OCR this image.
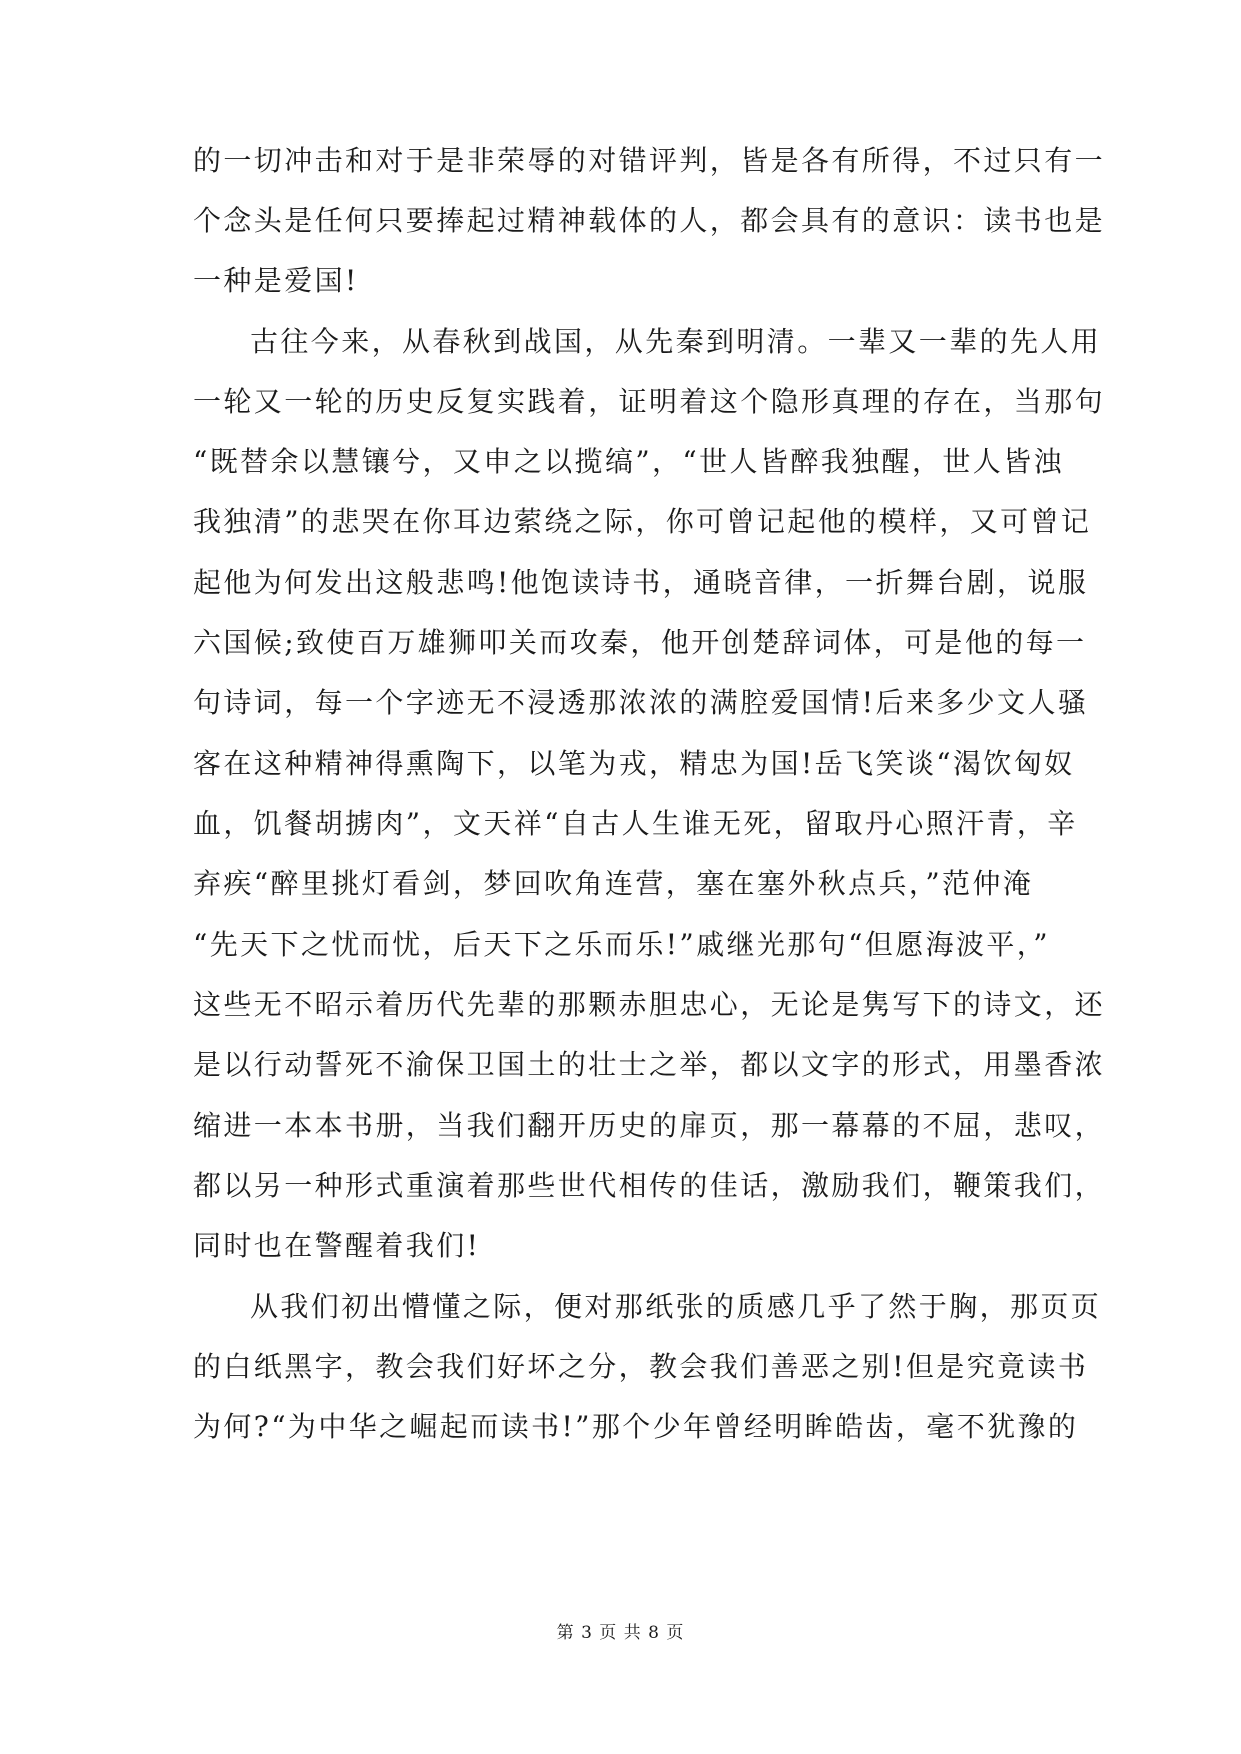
的一切冲击和对于是非荣辱的对错评判，皆是各有所得，不过只有一
个念头是任何只要捧起过精神载体的人，都会具有的意识：读书也是
一种是爱国!
古往今来，从春秋到战国，从先秦到明清。一辈又一辈的先人用
一轮又一轮的历史反复实践着，证明着这个隐形真理的存在，当那句
“既替余以慧镶兮，又申之以揽缟”，“世人皆醉我独醒，世人皆浊
我独清”的悲哭在你耳边萦绕之际，你可曾记起他的模样，又可曾记
起他为何发出这般悲鸣!他饱读诗书，通晓音律，一折舞台剧，说服
六国候;致使百万雄狮叩关而攻秦，他开创楚辞词体，可是他的每一
句诗词，每一个字迹无不浸透那浓浓的满腔爱国情!后来多少文人骚
客在这种精神得熏陶下，以笔为戎，精忠为国!岳飞笑谈“渴饮匈奴
血，饥餐胡掳肉”，文天祥“自古人生谁无死，留取丹心照汗青，辛
弃疾“醉里挑灯看剑，梦回吹角连营，塞在塞外秋点兵，”范仲淹
“先天下之忧而忧，后天下之乐而乐!”戚继光那句“但愿海波平，”
这些无不昭示着历代先辈的那颗赤胆忠心，无论是隽写下的诗文，还
是以行动誓死不渝保卫国土的壮士之举，都以文字的形式，用墨香浓
缩进一本本书册，当我们翻开历史的扉页，那一幕幕的不屈，悲叹，
都以另一种形式重演着那些世代相传的佳话，激励我们，鞭策我们，
同时也在警醒着我们!
从我们初出懵懂之际，便对那纸张的质感几乎了然于胸，那页页
的白纸黑字，教会我们好坏之分，教会我们善恶之别!但是究竟读书
为何?“为中华之崛起而读书!”那个少年曾经明眸皓齿，毫不犹豫的
第 3 页 共 8 页
